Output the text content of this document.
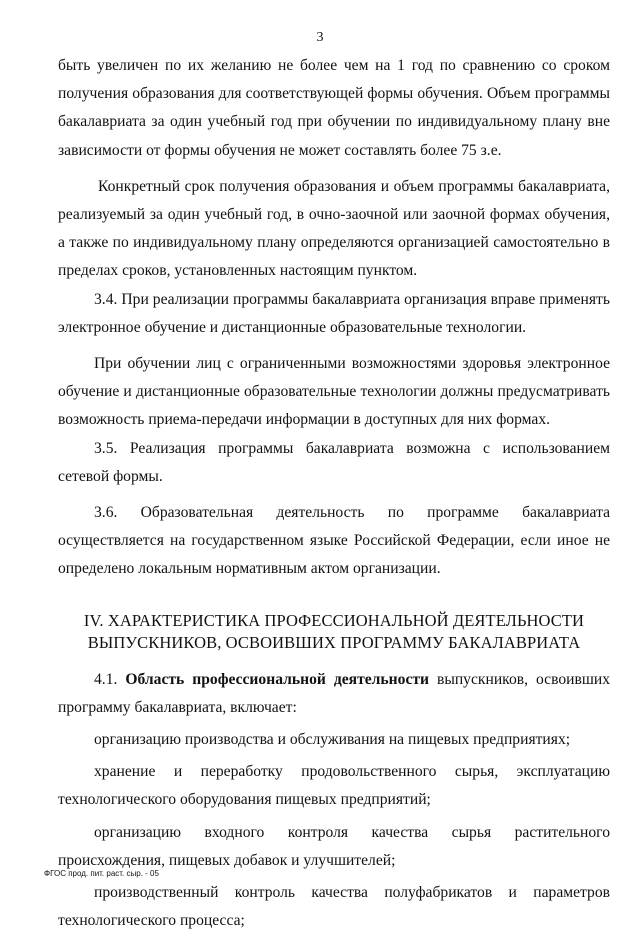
3

быть увеличен по их желанию не более чем на 1 год по сравнению со сроком получения образования для соответствующей формы обучения. Объем программы бакалавриата за один учебный год при обучении по индивидуальному плану вне зависимости от формы обучения не может составлять более 75 з.е.

Конкретный срок получения образования и объем программы бакалавриата, реализуемый за один учебный год, в очно-заочной или заочной формах обучения, а также по индивидуальному плану определяются организацией самостоятельно в пределах сроков, установленных настоящим пунктом.

3.4. При реализации программы бакалавриата организация вправе применять электронное обучение и дистанционные образовательные технологии.

При обучении лиц с ограниченными возможностями здоровья электронное обучение и дистанционные образовательные технологии должны предусматривать возможность приема-передачи информации в доступных для них формах.

3.5. Реализация программы бакалавриата возможна с использованием сетевой формы.

3.6. Образовательная деятельность по программе бакалавриата осуществляется на государственном языке Российской Федерации, если иное не определено локальным нормативным актом организации.

IV. ХАРАКТЕРИСТИКА ПРОФЕССИОНАЛЬНОЙ ДЕЯТЕЛЬНОСТИ
ВЫПУСКНИКОВ, ОСВОИВШИХ ПРОГРАММУ БАКАЛАВРИАТА

4.1. Область профессиональной деятельности выпускников, освоивших программу бакалавриата, включает:

организацию производства и обслуживания на пищевых предприятиях;

хранение и переработку продовольственного сырья, эксплуатацию технологического оборудования пищевых предприятий;

организацию входного контроля качества сырья растительного происхождения, пищевых добавок и улучшителей;

производственный контроль качества полуфабрикатов и параметров технологического процесса;

ФГОС прод. пит. раст. сыр. - 05
